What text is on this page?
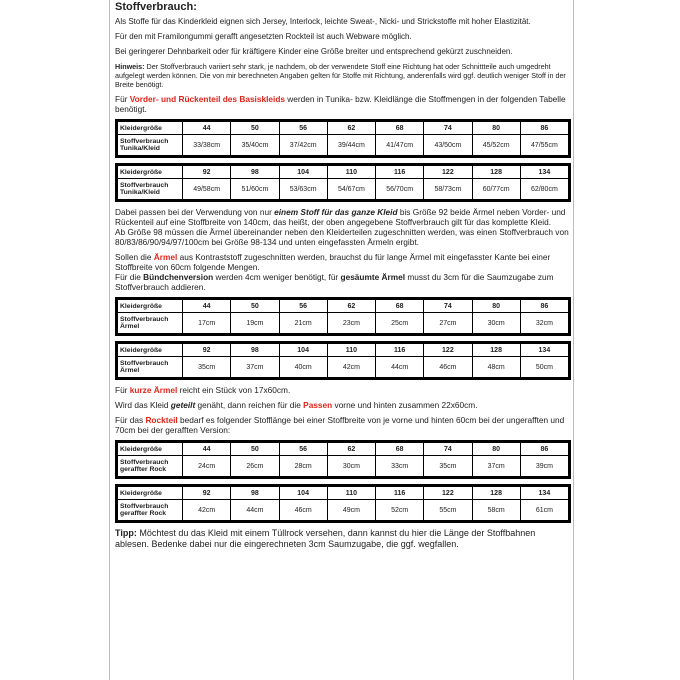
Stoffverbrauch:

Als Stoffe für das Kinderkleid eignen sich Jersey, Interlock, leichte Sweat-, Nicki- und Strickstoffe mit hoher Elastizität.

Für den mit Framilongummi gerafft angesetzten Rockteil ist auch Webware möglich.

Bei geringerer Dehnbarkeit oder für kräftigere Kinder eine Größe breiter und entsprechend gekürzt zuschneiden.

Hinweis: Der Stoffverbrauch variiert sehr stark, je nachdem, ob der verwendete Stoff eine Richtung hat oder Schnittteile auch umgedreht aufgelegt werden können. Die von mir berechneten Angaben gelten für Stoffe mit Richtung, anderenfalls wird ggf. deutlich weniger Stoff in der Breite benötigt.

Für Vorder- und Rückenteil des Basiskleids werden in Tunika- bzw. Kleidlänge die Stoffmengen in der folgenden Tabelle benötigt.

Kleidergröße	44	50	56	62	68	74	80	86
Stoffverbrauch Tunika/Kleid	33/38cm	35/40cm	37/42cm	39/44cm	41/47cm	43/50cm	45/52cm	47/55cm
Kleidergröße	92	98	104	110	116	122	128	134
Stoffverbrauch Tunika/Kleid	49/58cm	51/60cm	53/63cm	54/67cm	56/70cm	58/73cm	60/77cm	62/80cm

Dabei passen bei der Verwendung von nur einem Stoff für das ganze Kleid bis Größe 92 beide Ärmel neben Vorder- und Rückenteil auf eine Stoffbreite von 140cm, das heißt, der oben angegebene Stoffverbrauch gilt für das komplette Kleid.
Ab Größe 98 müssen die Ärmel übereinander neben den Kleiderteilen zugeschnitten werden, was einen Stoffverbrauch von 80/83/86/90/94/97/100cm bei Größe 98-134 und unten eingefassten Ärmeln ergibt.

Sollen die Ärmel aus Kontraststoff zugeschnitten werden, brauchst du für lange Ärmel mit eingefasster Kante bei einer Stoffbreite von 60cm folgende Mengen.
Für die Bündchenversion werden 4cm weniger benötigt, für gesäumte Ärmel musst du 3cm für die Saumzugabe zum Stoffverbrauch addieren.

Kleidergröße	44	50	56	62	68	74	80	86
Stoffverbrauch Ärmel	17cm	19cm	21cm	23cm	25cm	27cm	30cm	32cm
Kleidergröße	92	98	104	110	116	122	128	134
Stoffverbrauch Ärmel	35cm	37cm	40cm	42cm	44cm	46cm	48cm	50cm

Für kurze Ärmel reicht ein Stück von 17x60cm.

Wird das Kleid geteilt genäht, dann reichen für die Passen vorne und hinten zusammen 22x60cm.

Für das Rockteil bedarf es folgender Stofflänge bei einer Stoffbreite von je vorne und hinten 60cm bei der ungerafften und 70cm bei der gerafften Version:

Kleidergröße	44	50	56	62	68	74	80	86
Stoffverbrauch geraffter Rock	24cm	26cm	28cm	30cm	33cm	35cm	37cm	39cm
Kleidergröße	92	98	104	110	116	122	128	134
Stoffverbrauch geraffter Rock	42cm	44cm	46cm	49cm	52cm	55cm	58cm	61cm

Tipp: Möchtest du das Kleid mit einem Tüllrock versehen, dann kannst du hier die Länge der Stoffbahnen ablesen. Bedenke dabei nur die eingerechneten 3cm Saumzugabe, die ggf. wegfallen.
